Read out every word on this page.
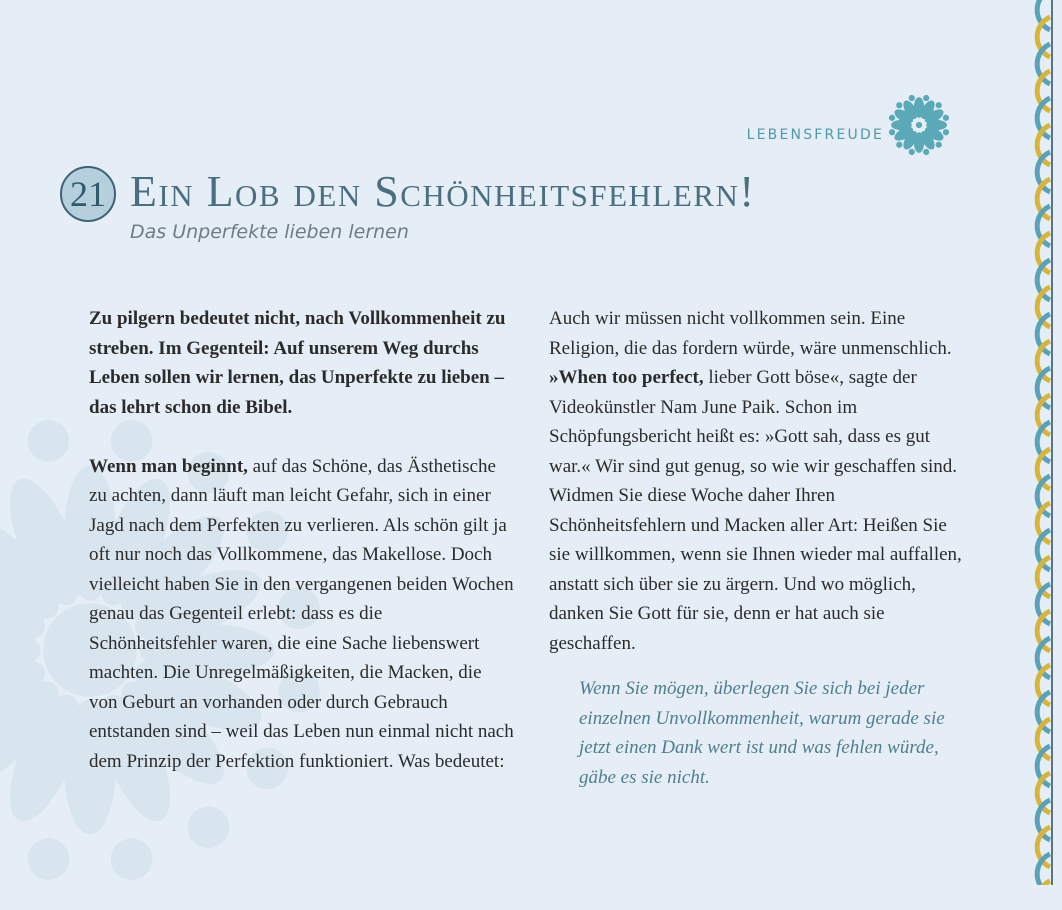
LEBENSFREUDE
21 Ein Lob den Schönheitsfehlern!
Das Unperfekte lieben lernen

Zu pilgern bedeutet nicht, nach Vollkommenheit zu streben. Im Gegenteil: Auf unserem Weg durchs Leben sollen wir lernen, das Unperfekte zu lieben – das lehrt schon die Bibel.

Wenn man beginnt, auf das Schöne, das Ästhetische zu achten, dann läuft man leicht Gefahr, sich in einer Jagd nach dem Perfekten zu verlieren. Als schön gilt ja oft nur noch das Vollkommene, das Makellose. Doch vielleicht haben Sie in den vergangenen beiden Wochen genau das Gegenteil erlebt: dass es die Schönheitsfehler waren, die eine Sache liebenswert machten. Die Unregelmäßigkeiten, die Macken, die von Geburt an vorhanden oder durch Gebrauch entstanden sind – weil das Leben nun einmal nicht nach dem Prinzip der Perfektion funktioniert. Was bedeutet:

Auch wir müssen nicht vollkommen sein. Eine Religion, die das fordern würde, wäre unmenschlich.

»When too perfect, lieber Gott böse«, sagte der Videokünstler Nam June Paik. Schon im Schöpfungsbericht heißt es: »Gott sah, dass es gut war.« Wir sind gut genug, so wie wir geschaffen sind. Widmen Sie diese Woche daher Ihren Schönheitsfehlern und Macken aller Art: Heißen Sie sie willkommen, wenn sie Ihnen wieder mal auffallen, anstatt sich über sie zu ärgern. Und wo möglich, danken Sie Gott für sie, denn er hat auch sie geschaffen.

Wenn Sie mögen, überlegen Sie sich bei jeder einzelnen Unvollkommenheit, warum gerade sie jetzt einen Dank wert ist und was fehlen würde, gäbe es sie nicht.
